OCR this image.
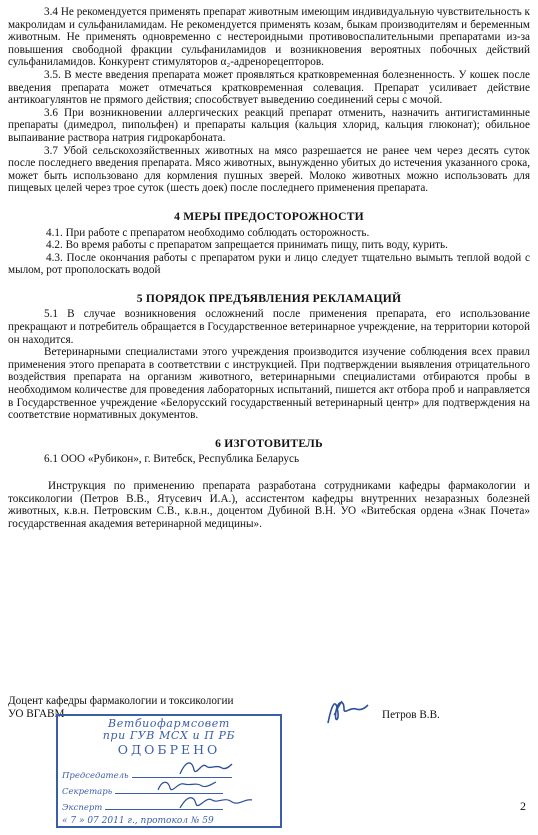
3.4 Не рекомендуется применять препарат животным имеющим индивидуальную чувствительность к макролидам и сульфаниламидам. Не рекомендуется применять козам, быкам производителям и беременным животным. Не применять одновременно с нестероидными противовоспалительными препаратами из-за повышения свободной фракции сульфаниламидов и возникновения вероятных побочных действий сульфаниламидов. Конкурент стимуляторов α₂-адренорецепторов.

3.5. В месте введения препарата может проявляться кратковременная болезненность. У кошек после введения препарата может отмечаться кратковременная солевация. Препарат усиливает действие антикоагулянтов не прямого действия; способствует выведению соединений серы с мочой.

3.6 При возникновении аллергических реакций препарат отменить, назначить антигистаминные препараты (димедрол, пипольфен) и препараты кальция (кальция хлорид, кальция глюконат); обильное выпаивание раствора натрия гидрокарбоната.

3.7 Убой сельскохозяйственных животных на мясо разрешается не ранее чем через десять суток после последнего введения препарата. Мясо животных, вынужденно убитых до истечения указанного срока, может быть использовано для кормления пушных зверей. Молоко животных можно использовать для пищевых целей через трое суток (шесть доек) после последнего применения препарата.

4 МЕРЫ ПРЕДОСТОРОЖНОСТИ

4.1. При работе с препаратом необходимо соблюдать осторожность.

4.2. Во время работы с препаратом запрещается принимать пищу, пить воду, курить.

4.3. После окончания работы с препаратом руки и лицо следует тщательно вымыть теплой водой с мылом, рот прополоскать водой

5 ПОРЯДОК ПРЕДЪЯВЛЕНИЯ РЕКЛАМАЦИЙ

5.1 В случае возникновения осложнений после применения препарата, его использование прекращают и потребитель обращается в Государственное ветеринарное учреждение, на территории которой он находится.

Ветеринарными специалистами этого учреждения производится изучение соблюдения всех правил применения этого препарата в соответствии с инструкцией. При подтверждении выявления отрицательного воздействия препарата на организм животного, ветеринарными специалистами отбираются пробы в необходимом количестве для проведения лабораторных испытаний, пишется акт отбора проб и направляется в Государственное учреждение «Белорусский государственный ветеринарный центр» для подтверждения на соответствие нормативных документов.

6 ИЗГОТОВИТЕЛЬ

6.1 ООО «Рубикон», г. Витебск, Республика Беларусь

Инструкция по применению препарата разработана сотрудниками кафедры фармакологии и токсикологии (Петров В.В., Ятусевич И.А.), ассистентом кафедры внутренних незаразных болезней животных, к.в.н. Петровским С.В., к.в.н., доцентом Дубиной В.Н. УО «Витебская ордена «Знак Почета» государственная академия ветеринарной медицины».

Доцент кафедры фармакологии и токсикологии
УО ВГАВМ	Петров В.В.
Ветбиофармсовет
при ГУВ МСХ и П РБ
ОДОБРЕНО
Председатель
Секретарь
Эксперт
« 7 » 07 2011 г., протокол № 59
2
